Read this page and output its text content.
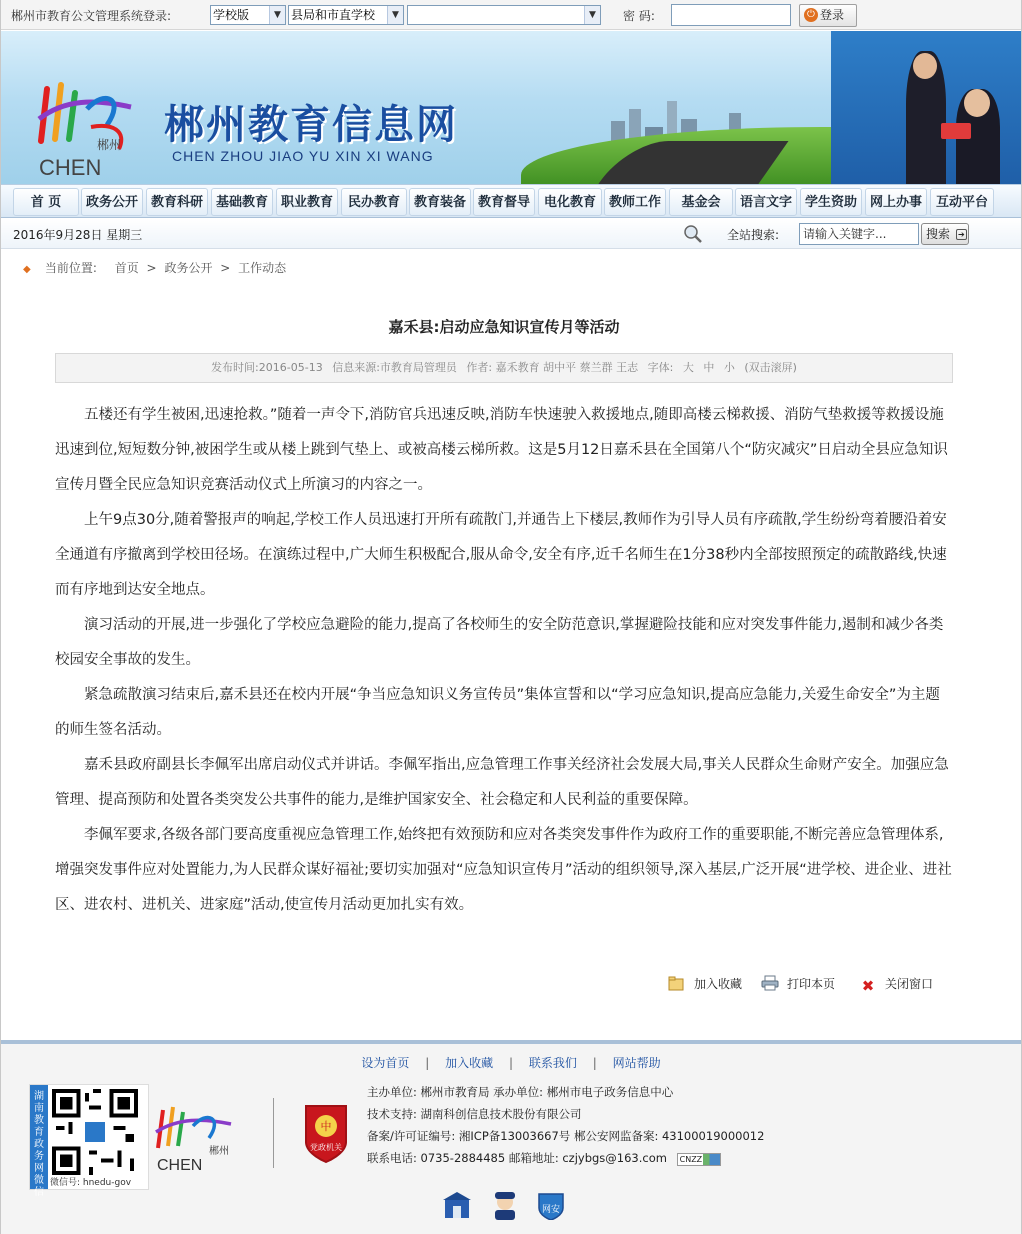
郴州市教育公文管理系统登录:	学校版	▼ 县局和市直学校	▼	▼	密 码:	⏻ 登录
郴州
CHEN
郴州教育信息网
CHEN ZHOU JIAO YU XIN XI WANG
首 页	政务公开 教育科研 基础教育 职业教育	民办教育	教育装备 教育督导	电化教育 教师工作	基金会	语言文字 学生资助 网上办事	互动平台
2016年9月28日 星期三	全站搜索:	请输入关键字...	搜索 ➔
◆ 当前位置: 首页 > 政务公开 > 工作动态
嘉禾县:启动应急知识宣传月等活动
发布时间:2016-05-13 信息来源:市教育局管理员 作者: 嘉禾教育 胡中平 蔡兰群 王志 字体: 大 中 小 (双击滚屏)

五楼还有学生被困,迅速抢救。”随着一声令下,消防官兵迅速反映,消防车快速驶入救援地点,随即高楼云梯救援、消防气垫救援等救援设施迅速到位,短短数分钟,被困学生或从楼上跳到气垫上、或被高楼云梯所救。这是5月12日嘉禾县在全国第八个“防灾减灾”日启动全县应急知识宣传月暨全民应急知识竞赛活动仪式上所演习的内容之一。

上午9点30分,随着警报声的响起,学校工作人员迅速打开所有疏散门,并通告上下楼层,教师作为引导人员有序疏散,学生纷纷弯着腰沿着安全通道有序撤离到学校田径场。在演练过程中,广大师生积极配合,服从命令,安全有序,近千名师生在1分38秒内全部按照预定的疏散路线,快速而有序地到达安全地点。

演习活动的开展,进一步强化了学校应急避险的能力,提高了各校师生的安全防范意识,掌握避险技能和应对突发事件能力,遏制和减少各类校园安全事故的发生。

紧急疏散演习结束后,嘉禾县还在校内开展“争当应急知识义务宣传员”集体宣誓和以“学习应急知识,提高应急能力,关爱生命安全”为主题的师生签名活动。

嘉禾县政府副县长李佩军出席启动仪式并讲话。李佩军指出,应急管理工作事关经济社会发展大局,事关人民群众生命财产安全。加强应急管理、提高预防和处置各类突发公共事件的能力,是维护国家安全、社会稳定和人民利益的重要保障。

李佩军要求,各级各部门要高度重视应急管理工作,始终把有效预防和应对各类突发事件作为政府工作的重要职能,不断完善应急管理体系,增强突发事件应对处置能力,为人民群众谋好福祉;要切实加强对“应急知识宣传月”活动的组织领导,深入基层,广泛开展“进学校、进企业、进社区、进农村、进机关、进家庭”活动,使宣传月活动更加扎实有效。

加入收藏	打印本页 ✖ 关闭窗口
设为首页 | 加入收藏 | 联系我们 | 网站帮助
湖南教育政务网微信
微信号: hnedu-gov
郴州
CHEN
中
党政机关
主办单位: 郴州市教育局 承办单位: 郴州市电子政务信息中心
技术支持: 湖南科创信息技术股份有限公司
备案/许可证编号: 湘ICP备13003667号 郴公安网监备案: 43100019000012
联系电话: 0735-2884485 邮箱地址: czjybgs@163.com CNZZ
网安
